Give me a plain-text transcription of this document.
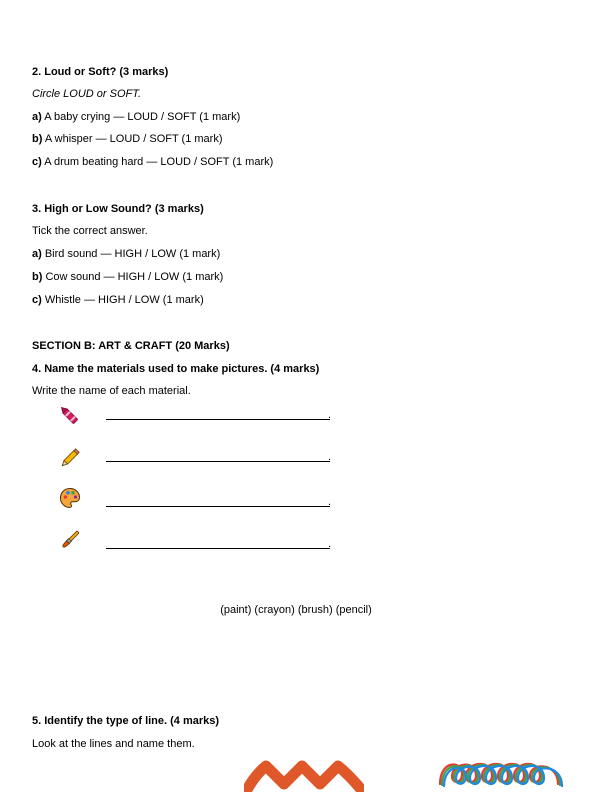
2. Loud or Soft? (3 marks)
Circle LOUD or SOFT.
a) A baby crying — LOUD / SOFT (1 mark)
b) A whisper — LOUD / SOFT (1 mark)
c) A drum beating hard — LOUD / SOFT (1 mark)
3. High or Low Sound? (3 marks)
Tick the correct answer.
a) Bird sound — HIGH / LOW (1 mark)
b) Cow sound — HIGH / LOW (1 mark)
c) Whistle — HIGH / LOW (1 mark)
SECTION B: ART & CRAFT (20 Marks)
4. Name the materials used to make pictures. (4 marks)
Write the name of each material.
.
.
.
.
(paint) (crayon) (brush) (pencil)
5. Identify the type of line. (4 marks)
Look at the lines and name them.
